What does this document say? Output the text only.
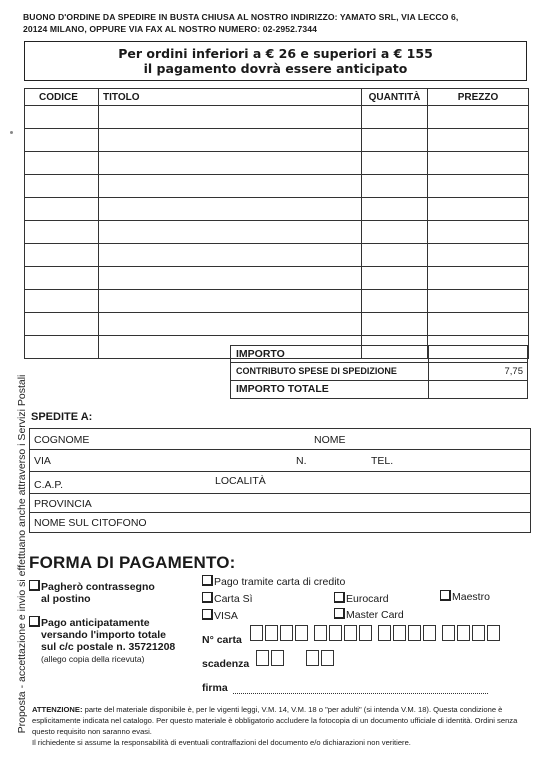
BUONO D'ORDINE DA SPEDIRE IN BUSTA CHIUSA AL NOSTRO INDIRIZZO: YAMATO SRL, VIA LECCO 6,
20124 MILANO, OPPURE VIA FAX AL NOSTRO NUMERO: 02-2952.7344
Per ordini inferiori a € 26 e superiori a € 155
il pagamento dovrà essere anticipato
CODICE	TITOLO	QUANTITÀ	PREZZO

IMPORTO
CONTRIBUTO SPESE DI SPEDIZIONE	7,75
IMPORTO TOTALE
SPEDITE A:
COGNOME	NOME
VIA	N.	TEL.
C.A.P.	LOCALITÀ
PROVINCIA
NOME SUL CITOFONO
FORMA DI PAGAMENTO:
Pagherò contrassegno
al postino
Pago anticipatamente
versando l'importo totale
sul c/c postale n. 35721208
(allego copia della ricevuta)
Pago tramite carta di credito
Carta Sì	Eurocard	Maestro
VISA	Master Card
N° carta
scadenza
firma
ATTENZIONE: parte del materiale disponibile è, per le vigenti leggi, V.M. 14, V.M. 18 o "per adulti" (si intenda V.M. 18). Questa condizione è esplicitamente indicata nel catalogo. Per questo materiale è obbligatorio accludere la fotocopia di un documento ufficiale di identità. Ordini senza questo requisito non saranno evasi.
Il richiedente si assume la responsabilità di eventuali contraffazioni del documento e/o dichiarazioni non veritiere.
Proposta - accettazione e invio si effettuano anche attraverso i Servizi Postali
